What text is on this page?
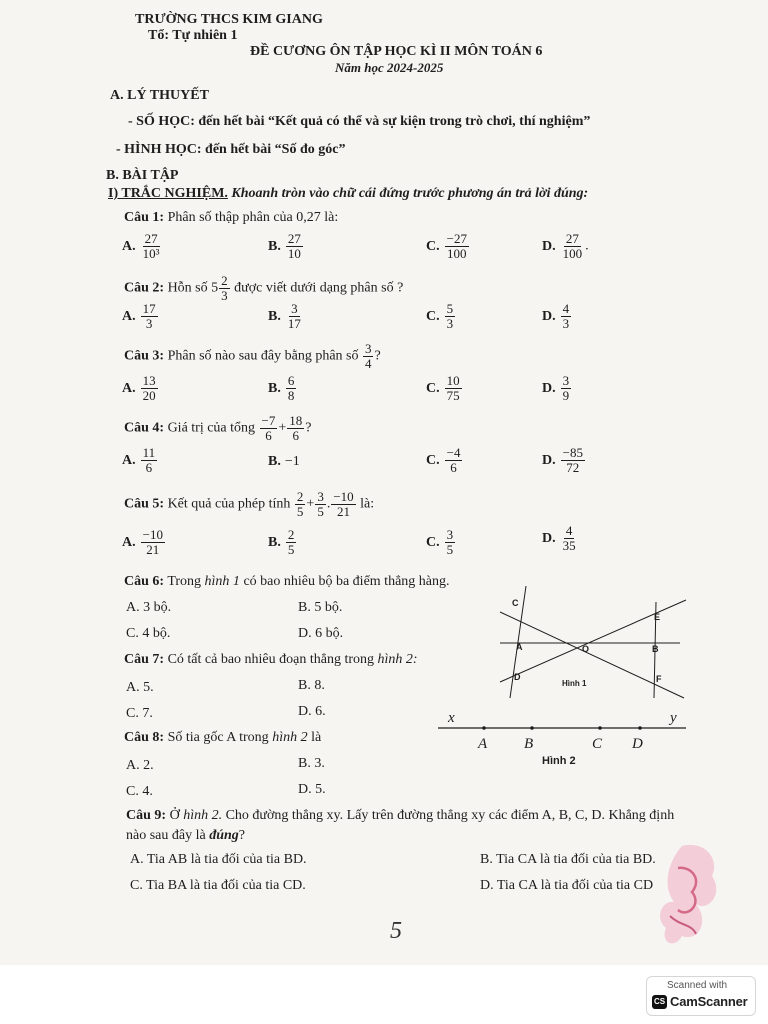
TRƯỜNG THCS KIM GIANG
Tổ: Tự nhiên 1
ĐỀ CƯƠNG ÔN TẬP HỌC KÌ II MÔN TOÁN 6
Năm học 2024-2025
A. LÝ THUYẾT
- SỐ HỌC: đến hết bài “Kết quả có thể và sự kiện trong trò chơi, thí nghiệm”
- HÌNH HỌC: đến hết bài “Số đo góc”
B. BÀI TẬP
I) TRẮC NGHIỆM. Khoanh tròn vào chữ cái đứng trước phương án trả lời đúng:
Câu 1: Phân số thập phân của 0,27 là:
A. $\frac{27}{\text{10³}}$	B. $\frac{27}{10}$	C. $\frac{-27}{100}$	D. $\frac{27}{100}$ .
Câu 2: Hỗn số $5 \frac{2}{3}$ được viết dưới dạng phân số ?
A. $\frac{17}{3}$	B. $\frac{3}{17}$	C. $\frac{5}{3}$	D. $\frac{4}{3}$
Câu 3: Phân số nào sau đây bằng phân số $\frac{3}{4}$ ?
A. $\frac{13}{20}$	B. $\frac{6}{8}$	C. $\frac{10}{75}$	D. $\frac{3}{9}$
Câu 4: Giá trị của tổng $\frac{-7}{6} + \frac{18}{6}$ ?
A. $\frac{11}{6}$	B. −1	C. $\frac{-4}{6}$	D. $\frac{-85}{72}$
Câu 5: Kết quả của phép tính $\frac{2}{5} + \frac{3}{5}$ . $\frac{-10}{21}$ là:
A. $\frac{-10}{21}$	B. $\frac{2}{5}$	C. $\frac{3}{5}$	D. $\frac{4}{35}$
Câu 6: Trong hình 1 có bao nhiêu bộ ba điểm thẳng hàng.
A. 3 bộ.	B. 5 bộ.
C. 4 bộ.	D. 6 bộ.
Câu 7: Có tất cả bao nhiêu đoạn thẳng trong hình 2:
A. 5.	B. 8.
C. 7.	D. 6.
Câu 8: Số tia gốc A trong hình 2 là
A. 2.	B. 3.
C. 4.	D. 5.
Câu 9: Ở hình 2. Cho đường thẳng xy. Lấy trên đường thẳng xy các điểm A, B, C, D. Khẳng định
nào sau đây là đúng?
A. Tia AB là tia đối của tia BD.	B. Tia CA là tia đối của tia BD.
C. Tia BA là tia đối của tia CD.	D. Tia CA là tia đối của tia CD
C
E
A	O	B
D	F
Hình 1
x	y
A B	C D
Hình 2
5
Scanned with
CS CamScanner
